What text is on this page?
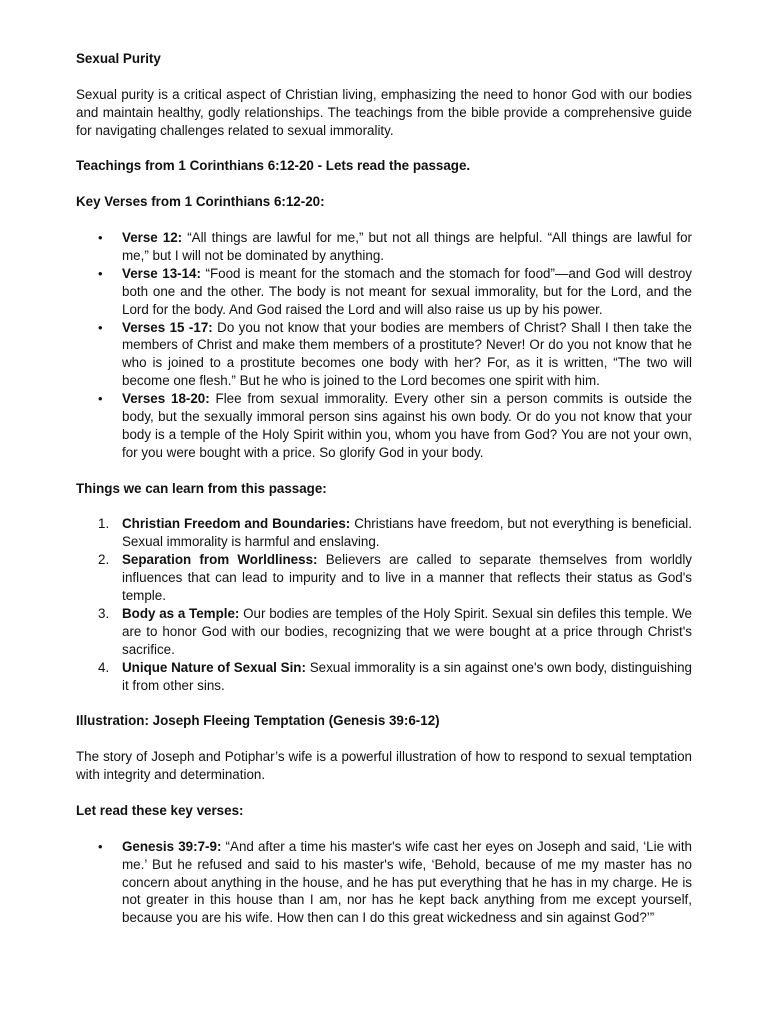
Sexual Purity

Sexual purity is a critical aspect of Christian living, emphasizing the need to honor God with our bodies and maintain healthy, godly relationships. The teachings from the bible provide a comprehensive guide for navigating challenges related to sexual immorality.

Teachings from 1 Corinthians 6:12-20 - Lets read the passage.

Key Verses from 1 Corinthians 6:12-20:

• Verse 12: “All things are lawful for me,” but not all things are helpful. “All things are lawful for me,” but I will not be dominated by anything.
• Verse 13-14: “Food is meant for the stomach and the stomach for food”—and God will destroy both one and the other. The body is not meant for sexual immorality, but for the Lord, and the Lord for the body. And God raised the Lord and will also raise us up by his power.
• Verses 15 -17: Do you not know that your bodies are members of Christ? Shall I then take the members of Christ and make them members of a prostitute? Never! Or do you not know that he who is joined to a prostitute becomes one body with her? For, as it is written, “The two will become one flesh.” But he who is joined to the Lord becomes one spirit with him.
• Verses 18-20: Flee from sexual immorality. Every other sin a person commits is outside the body, but the sexually immoral person sins against his own body. Or do you not know that your body is a temple of the Holy Spirit within you, whom you have from God? You are not your own, for you were bought with a price. So glorify God in your body.

Things we can learn from this passage:

1. Christian Freedom and Boundaries: Christians have freedom, but not everything is beneficial. Sexual immorality is harmful and enslaving.
2. Separation from Worldliness: Believers are called to separate themselves from worldly influences that can lead to impurity and to live in a manner that reflects their status as God's temple.
3. Body as a Temple: Our bodies are temples of the Holy Spirit. Sexual sin defiles this temple. We are to honor God with our bodies, recognizing that we were bought at a price through Christ's sacrifice.
4. Unique Nature of Sexual Sin: Sexual immorality is a sin against one's own body, distinguishing it from other sins.

Illustration: Joseph Fleeing Temptation (Genesis 39:6-12)

The story of Joseph and Potiphar’s wife is a powerful illustration of how to respond to sexual temptation with integrity and determination.

Let read these key verses:

• Genesis 39:7-9: “And after a time his master's wife cast her eyes on Joseph and said, ‘Lie with me.’ But he refused and said to his master's wife, ‘Behold, because of me my master has no concern about anything in the house, and he has put everything that he has in my charge. He is not greater in this house than I am, nor has he kept back anything from me except yourself, because you are his wife. How then can I do this great wickedness and sin against God?’”
